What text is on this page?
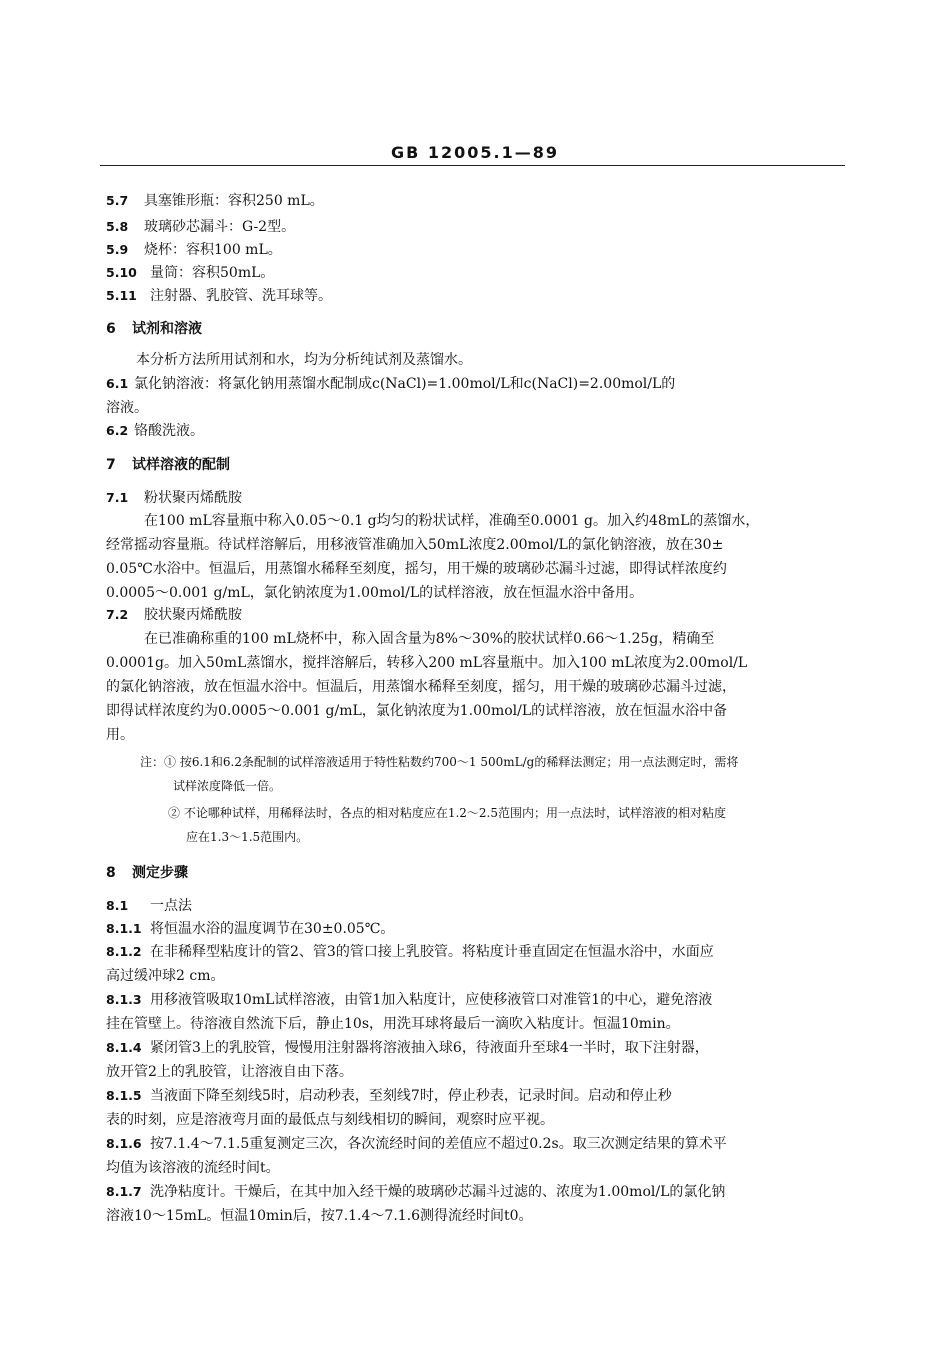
GB 12005.1—89
5.7 具塞锥形瓶：容积250 mL。
5.8 玻璃砂芯漏斗：G-2型。
5.9 烧杯：容积100 mL。
5.10 量筒：容积50mL。
5.11 注射器、乳胶管、洗耳球等。
6 试剂和溶液
本分析方法所用试剂和水，均为分析纯试剂及蒸馏水。
6.1 氯化钠溶液：将氯化钠用蒸馏水配制成c(NaCl)=1.00mol/L和c(NaCl)=2.00mol/L的
溶液。
6.2 铬酸洗液。
7 试样溶液的配制
7.1 粉状聚丙烯酰胺
在100 mL容量瓶中称入0.05～0.1 g均匀的粉状试样，准确至0.0001 g。加入约48mL的蒸馏水，
经常摇动容量瓶。待试样溶解后，用移液管准确加入50mL浓度2.00mol/L的氯化钠溶液，放在30±
0.05℃水浴中。恒温后，用蒸馏水稀释至刻度，摇匀，用干燥的玻璃砂芯漏斗过滤，即得试样浓度约
0.0005～0.001 g/mL，氯化钠浓度为1.00mol/L的试样溶液，放在恒温水浴中备用。
7.2 胶状聚丙烯酰胺
在已准确称重的100 mL烧杯中，称入固含量为8%～30%的胶状试样0.66～1.25g，精确至
0.0001g。加入50mL蒸馏水，搅拌溶解后，转移入200 mL容量瓶中。加入100 mL浓度为2.00mol/L
的氯化钠溶液，放在恒温水浴中。恒温后，用蒸馏水稀释至刻度，摇匀，用干燥的玻璃砂芯漏斗过滤，
即得试样浓度约为0.0005～0.001 g/mL，氯化钠浓度为1.00mol/L的试样溶液，放在恒温水浴中备
用。
注：① 按6.1和6.2条配制的试样溶液适用于特性粘数约700～1 500mL/g的稀释法测定；用一点法测定时，需将
试样浓度降低一倍。
② 不论哪种试样，用稀释法时，各点的相对粘度应在1.2～2.5范围内；用一点法时，试样溶液的相对粘度
应在1.3～1.5范围内。
8 测定步骤
8.1 一点法
8.1.1 将恒温水浴的温度调节在30±0.05℃。
8.1.2 在非稀释型粘度计的管2、管3的管口接上乳胶管。将粘度计垂直固定在恒温水浴中，水面应
高过缓冲球2 cm。
8.1.3 用移液管吸取10mL试样溶液，由管1加入粘度计，应使移液管口对准管1的中心，避免溶液
挂在管壁上。待溶液自然流下后，静止10s，用洗耳球将最后一滴吹入粘度计。恒温10min。
8.1.4 紧闭管3上的乳胶管，慢慢用注射器将溶液抽入球6，待液面升至球4一半时，取下注射器，
放开管2上的乳胶管，让溶液自由下落。
8.1.5 当液面下降至刻线5时，启动秒表，至刻线7时，停止秒表，记录时间。启动和停止秒
表的时刻，应是溶液弯月面的最低点与刻线相切的瞬间，观察时应平视。
8.1.6 按7.1.4～7.1.5重复测定三次，各次流经时间的差值应不超过0.2s。取三次测定结果的算术平
均值为该溶液的流经时间t。
8.1.7 洗净粘度计。干燥后，在其中加入经干燥的玻璃砂芯漏斗过滤的、浓度为1.00mol/L的氯化钠
溶液10～15mL。恒温10min后，按7.1.4～7.1.6测得流经时间t0。
